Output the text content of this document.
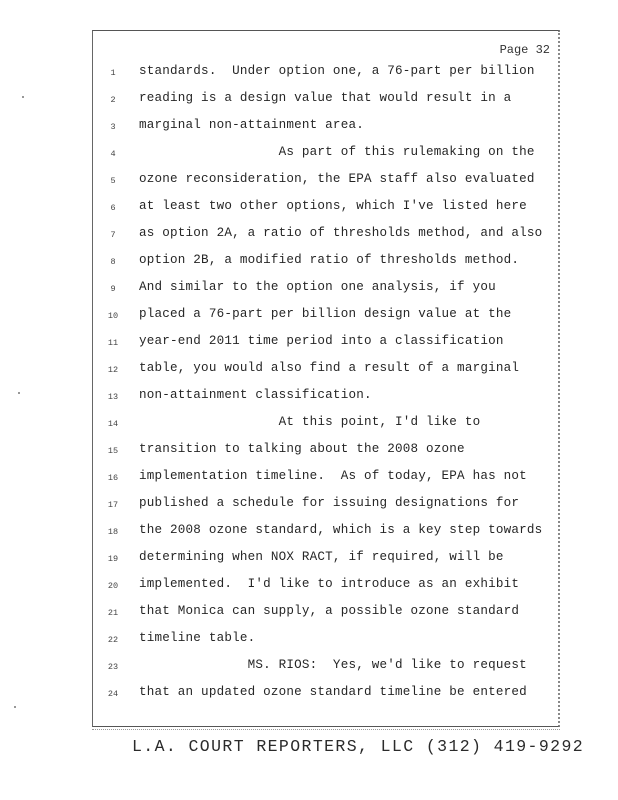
Page 32
1	standards.  Under option one, a 76-part per billion
2	reading is a design value that would result in a
3	marginal non-attainment area.
4	As part of this rulemaking on the
5	ozone reconsideration, the EPA staff also evaluated
6	at least two other options, which I've listed here
7	as option 2A, a ratio of thresholds method, and also
8	option 2B, a modified ratio of thresholds method.
9	And similar to the option one analysis, if you
10	placed a 76-part per billion design value at the
11	year-end 2011 time period into a classification
12	table, you would also find a result of a marginal
13	non-attainment classification.
14	At this point, I'd like to
15	transition to talking about the 2008 ozone
16	implementation timeline.  As of today, EPA has not
17	published a schedule for issuing designations for
18	the 2008 ozone standard, which is a key step towards
19	determining when NOX RACT, if required, will be
20	implemented.  I'd like to introduce as an exhibit
21	that Monica can supply, a possible ozone standard
22	timeline table.
23	MS. RIOS:  Yes, we'd like to request
24	that an updated ozone standard timeline be entered
L.A. COURT REPORTERS, LLC (312) 419-9292
